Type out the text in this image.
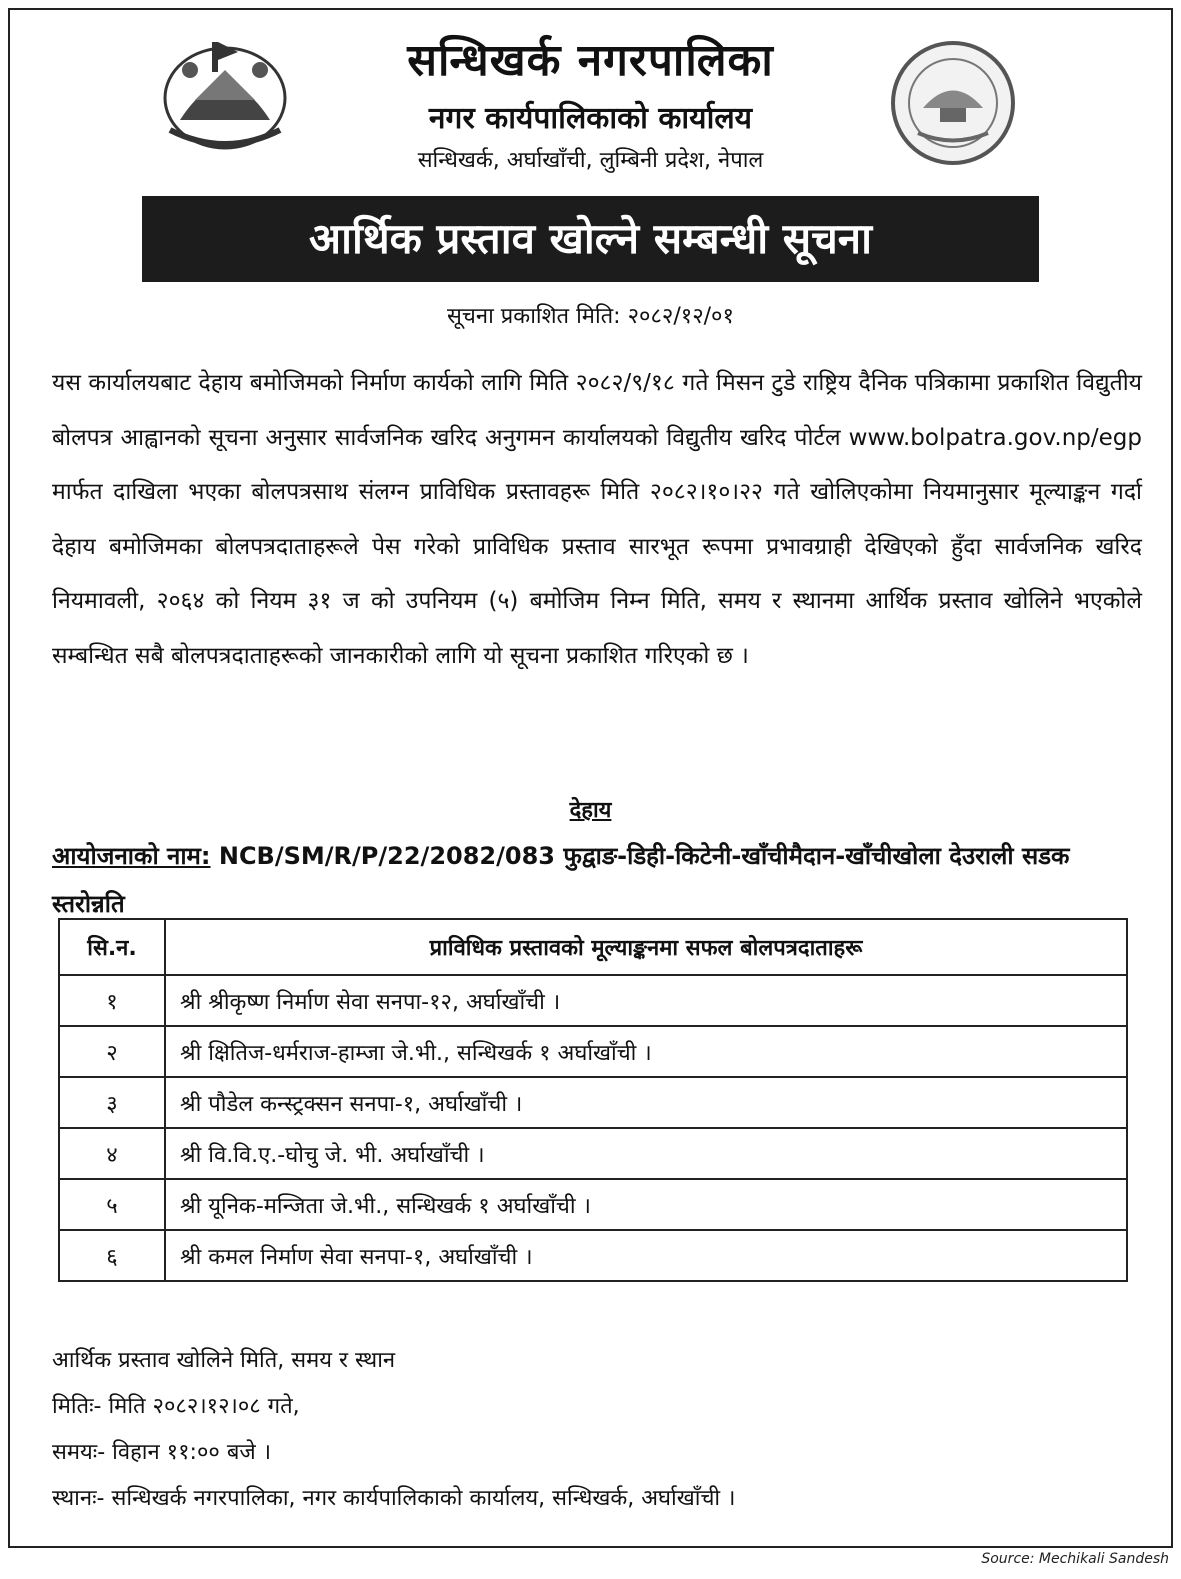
सन्धिखर्क नगरपालिका
नगर कार्यपालिकाको कार्यालय
सन्धिखर्क, अर्घाखाँची, लुम्बिनी प्रदेश, नेपाल
आर्थिक प्रस्ताव खोल्ने सम्बन्धी सूचना
सूचना प्रकाशित मिति: २०८२/१२/०१

यस कार्यालयबाट देहाय बमोजिमको निर्माण कार्यको लागि मिति २०८२/९/१८ गते मिसन टुडे राष्ट्रिय दैनिक पत्रिकामा प्रकाशित विद्युतीय बोलपत्र आह्वानको सूचना अनुसार सार्वजनिक खरिद अनुगमन कार्यालयको विद्युतीय खरिद पोर्टल www.bolpatra.gov.np/egp मार्फत दाखिला भएका बोलपत्रसाथ संलग्न प्राविधिक प्रस्तावहरू मिति २०८२।१०।२२ गते खोलिएकोमा नियमानुसार मूल्याङ्कन गर्दा देहाय बमोजिमका बोलपत्रदाताहरूले पेस गरेको प्राविधिक प्रस्ताव सारभूत रूपमा प्रभावग्राही देखिएको हुँदा सार्वजनिक खरिद नियमावली, २०६४ को नियम ३१ ज को उपनियम (५) बमोजिम निम्न मिति, समय र स्थानमा आर्थिक प्रस्ताव खोलिने भएकोले सम्बन्धित सबै बोलपत्रदाताहरूको जानकारीको लागि यो सूचना प्रकाशित गरिएको छ ।

देहाय
आयोजनाको नाम: NCB/SM/R/P/22/2082/083 फुद्वाङ-डिही-किटेनी-खाँचीमैदान-खाँचीखोला देउराली सडक स्तरोन्नति
सि.न.	प्राविधिक प्रस्तावको मूल्याङ्कनमा सफल बोलपत्रदाताहरू
१	श्री श्रीकृष्ण निर्माण सेवा सनपा-१२, अर्घाखाँची ।
२	श्री क्षितिज-धर्मराज-हाम्जा जे.भी., सन्धिखर्क १ अर्घाखाँची ।
३	श्री पौडेल कन्स्ट्रक्सन सनपा-१, अर्घाखाँची ।
४	श्री वि.वि.ए.-घोचु जे. भी. अर्घाखाँची ।
५	श्री यूनिक-मन्जिता जे.भी., सन्धिखर्क १ अर्घाखाँची ।
६	श्री कमल निर्माण सेवा सनपा-१, अर्घाखाँची ।
आर्थिक प्रस्ताव खोलिने मिति, समय र स्थान
मितिः- मिति २०८२।१२।०८ गते,
समयः- विहान ११:०० बजे ।
स्थानः- सन्धिखर्क नगरपालिका, नगर कार्यपालिकाको कार्यालय, सन्धिखर्क, अर्घाखाँची ।
Source: Mechikali Sandesh
